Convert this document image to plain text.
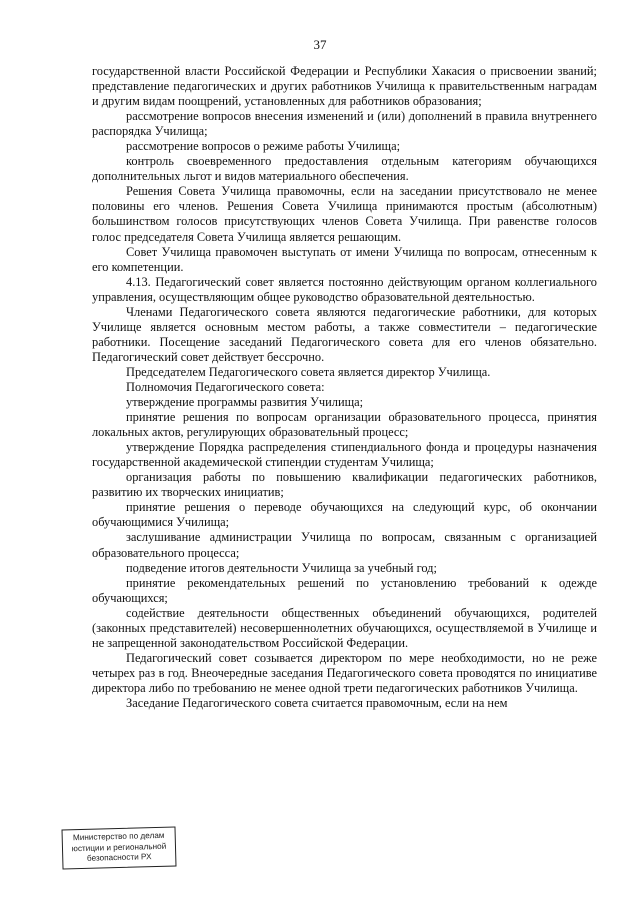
37

государственной власти Российской Федерации и Республики Хакасия о присвоении званий; представление педагогических и других работников Училища к правительственным наградам и другим видам поощрений, установленных для работников образования;

рассмотрение вопросов внесения изменений и (или) дополнений в правила внутреннего распорядка Училища;

рассмотрение вопросов о режиме работы Училища;

контроль своевременного предоставления отдельным категориям обучающихся дополнительных льгот и видов материального обеспечения.

Решения Совета Училища правомочны, если на заседании присутствовало не менее половины его членов. Решения Совета Училища принимаются простым (абсолютным) большинством голосов присутствующих членов Совета Училища. При равенстве голосов голос председателя Совета Училища является решающим.

Совет Училища правомочен выступать от имени Училища по вопросам, отнесенным к его компетенции.

4.13. Педагогический совет является постоянно действующим органом коллегиального управления, осуществляющим общее руководство образовательной деятельностью.

Членами Педагогического совета являются педагогические работники, для которых Училище является основным местом работы, а также совместители – педагогические работники. Посещение заседаний Педагогического совета для его членов обязательно. Педагогический совет действует бессрочно.

Председателем Педагогического совета является директор Училища.

Полномочия Педагогического совета:

утверждение программы развития Училища;

принятие решения по вопросам организации образовательного процесса, принятия локальных актов, регулирующих образовательный процесс;

утверждение Порядка распределения стипендиального фонда и процедуры назначения государственной академической стипендии студентам Училища;

организация работы по повышению квалификации педагогических работников, развитию их творческих инициатив;

принятие решения о переводе обучающихся на следующий курс, об окончании обучающимися Училища;

заслушивание администрации Училища по вопросам, связанным с организацией образовательного процесса;

подведение итогов деятельности Училища за учебный год;

принятие рекомендательных решений по установлению требований к одежде обучающихся;

содействие деятельности общественных объединений обучающихся, родителей (законных представителей) несовершеннолетних обучающихся, осуществляемой в Училище и не запрещенной законодательством Российской Федерации.

Педагогический совет созывается директором по мере необходимости, но не реже четырех раз в год. Внеочередные заседания Педагогического совета проводятся по инициативе директора либо по требованию не менее одной трети педагогических работников Училища.

Заседание Педагогического совета считается правомочным, если на нем

Министерство по делам
юстиции и региональной
безопасности РХ
